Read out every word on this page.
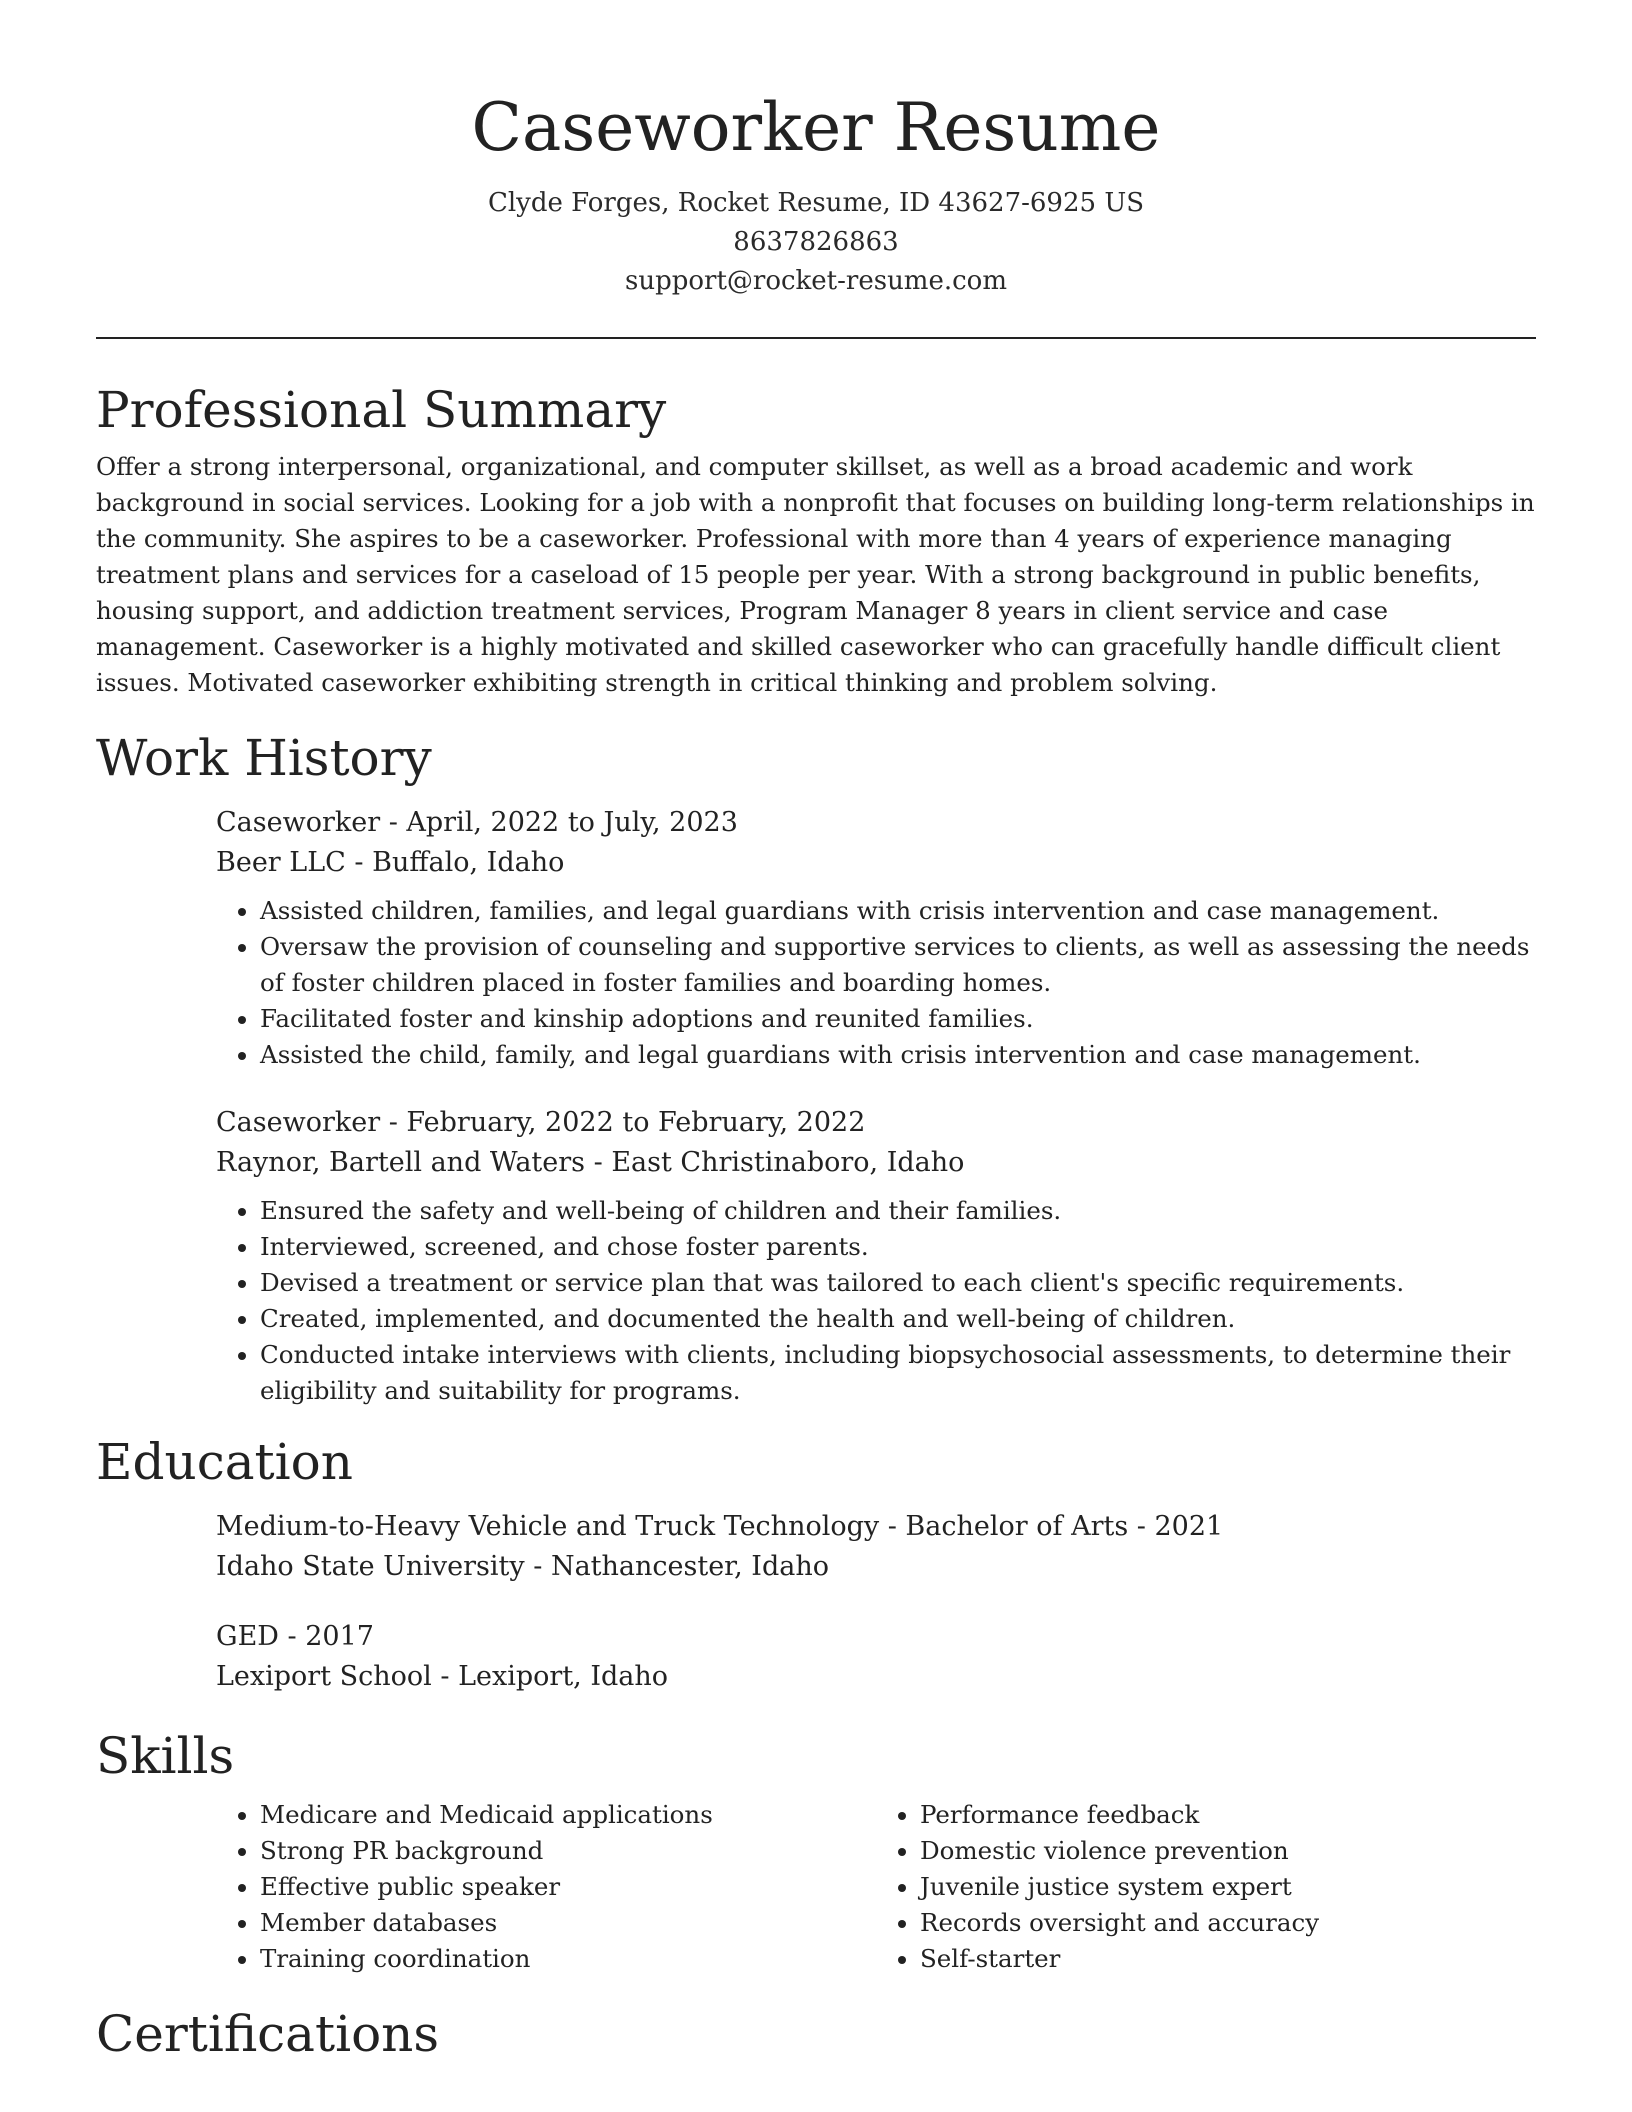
Caseworker Resume
Clyde Forges, Rocket Resume, ID 43627-6925 US
8637826863
support@rocket-resume.com
Professional Summary

Offer a strong interpersonal, organizational, and computer skillset, as well as a broad academic and work background in social services. Looking for a job with a nonprofit that focuses on building long-term relationships in the community. She aspires to be a caseworker. Professional with more than 4 years of experience managing treatment plans and services for a caseload of 15 people per year. With a strong background in public benefits, housing support, and addiction treatment services, Program Manager 8 years in client service and case management. Caseworker is a highly motivated and skilled caseworker who can gracefully handle difficult client issues. Motivated caseworker exhibiting strength in critical thinking and problem solving.

Work History
Caseworker - April, 2022 to July, 2023
Beer LLC - Buffalo, Idaho
• Assisted children, families, and legal guardians with crisis intervention and case management.
• Oversaw the provision of counseling and supportive services to clients, as well as assessing the needs of foster children placed in foster families and boarding homes.
• Facilitated foster and kinship adoptions and reunited families.
• Assisted the child, family, and legal guardians with crisis intervention and case management.
Caseworker - February, 2022 to February, 2022
Raynor, Bartell and Waters - East Christinaboro, Idaho
• Ensured the safety and well-being of children and their families.
• Interviewed, screened, and chose foster parents.
• Devised a treatment or service plan that was tailored to each client's specific requirements.
• Created, implemented, and documented the health and well-being of children.
• Conducted intake interviews with clients, including biopsychosocial assessments, to determine their eligibility and suitability for programs.
Education
Medium-to-Heavy Vehicle and Truck Technology - Bachelor of Arts - 2021
Idaho State University - Nathancester, Idaho
GED - 2017
Lexiport School - Lexiport, Idaho
Skills
• Medicare and Medicaid applications
• Strong PR background
• Effective public speaker
• Member databases
• Training coordination
• Performance feedback
• Domestic violence prevention
• Juvenile justice system expert
• Records oversight and accuracy
• Self-starter
Certifications
